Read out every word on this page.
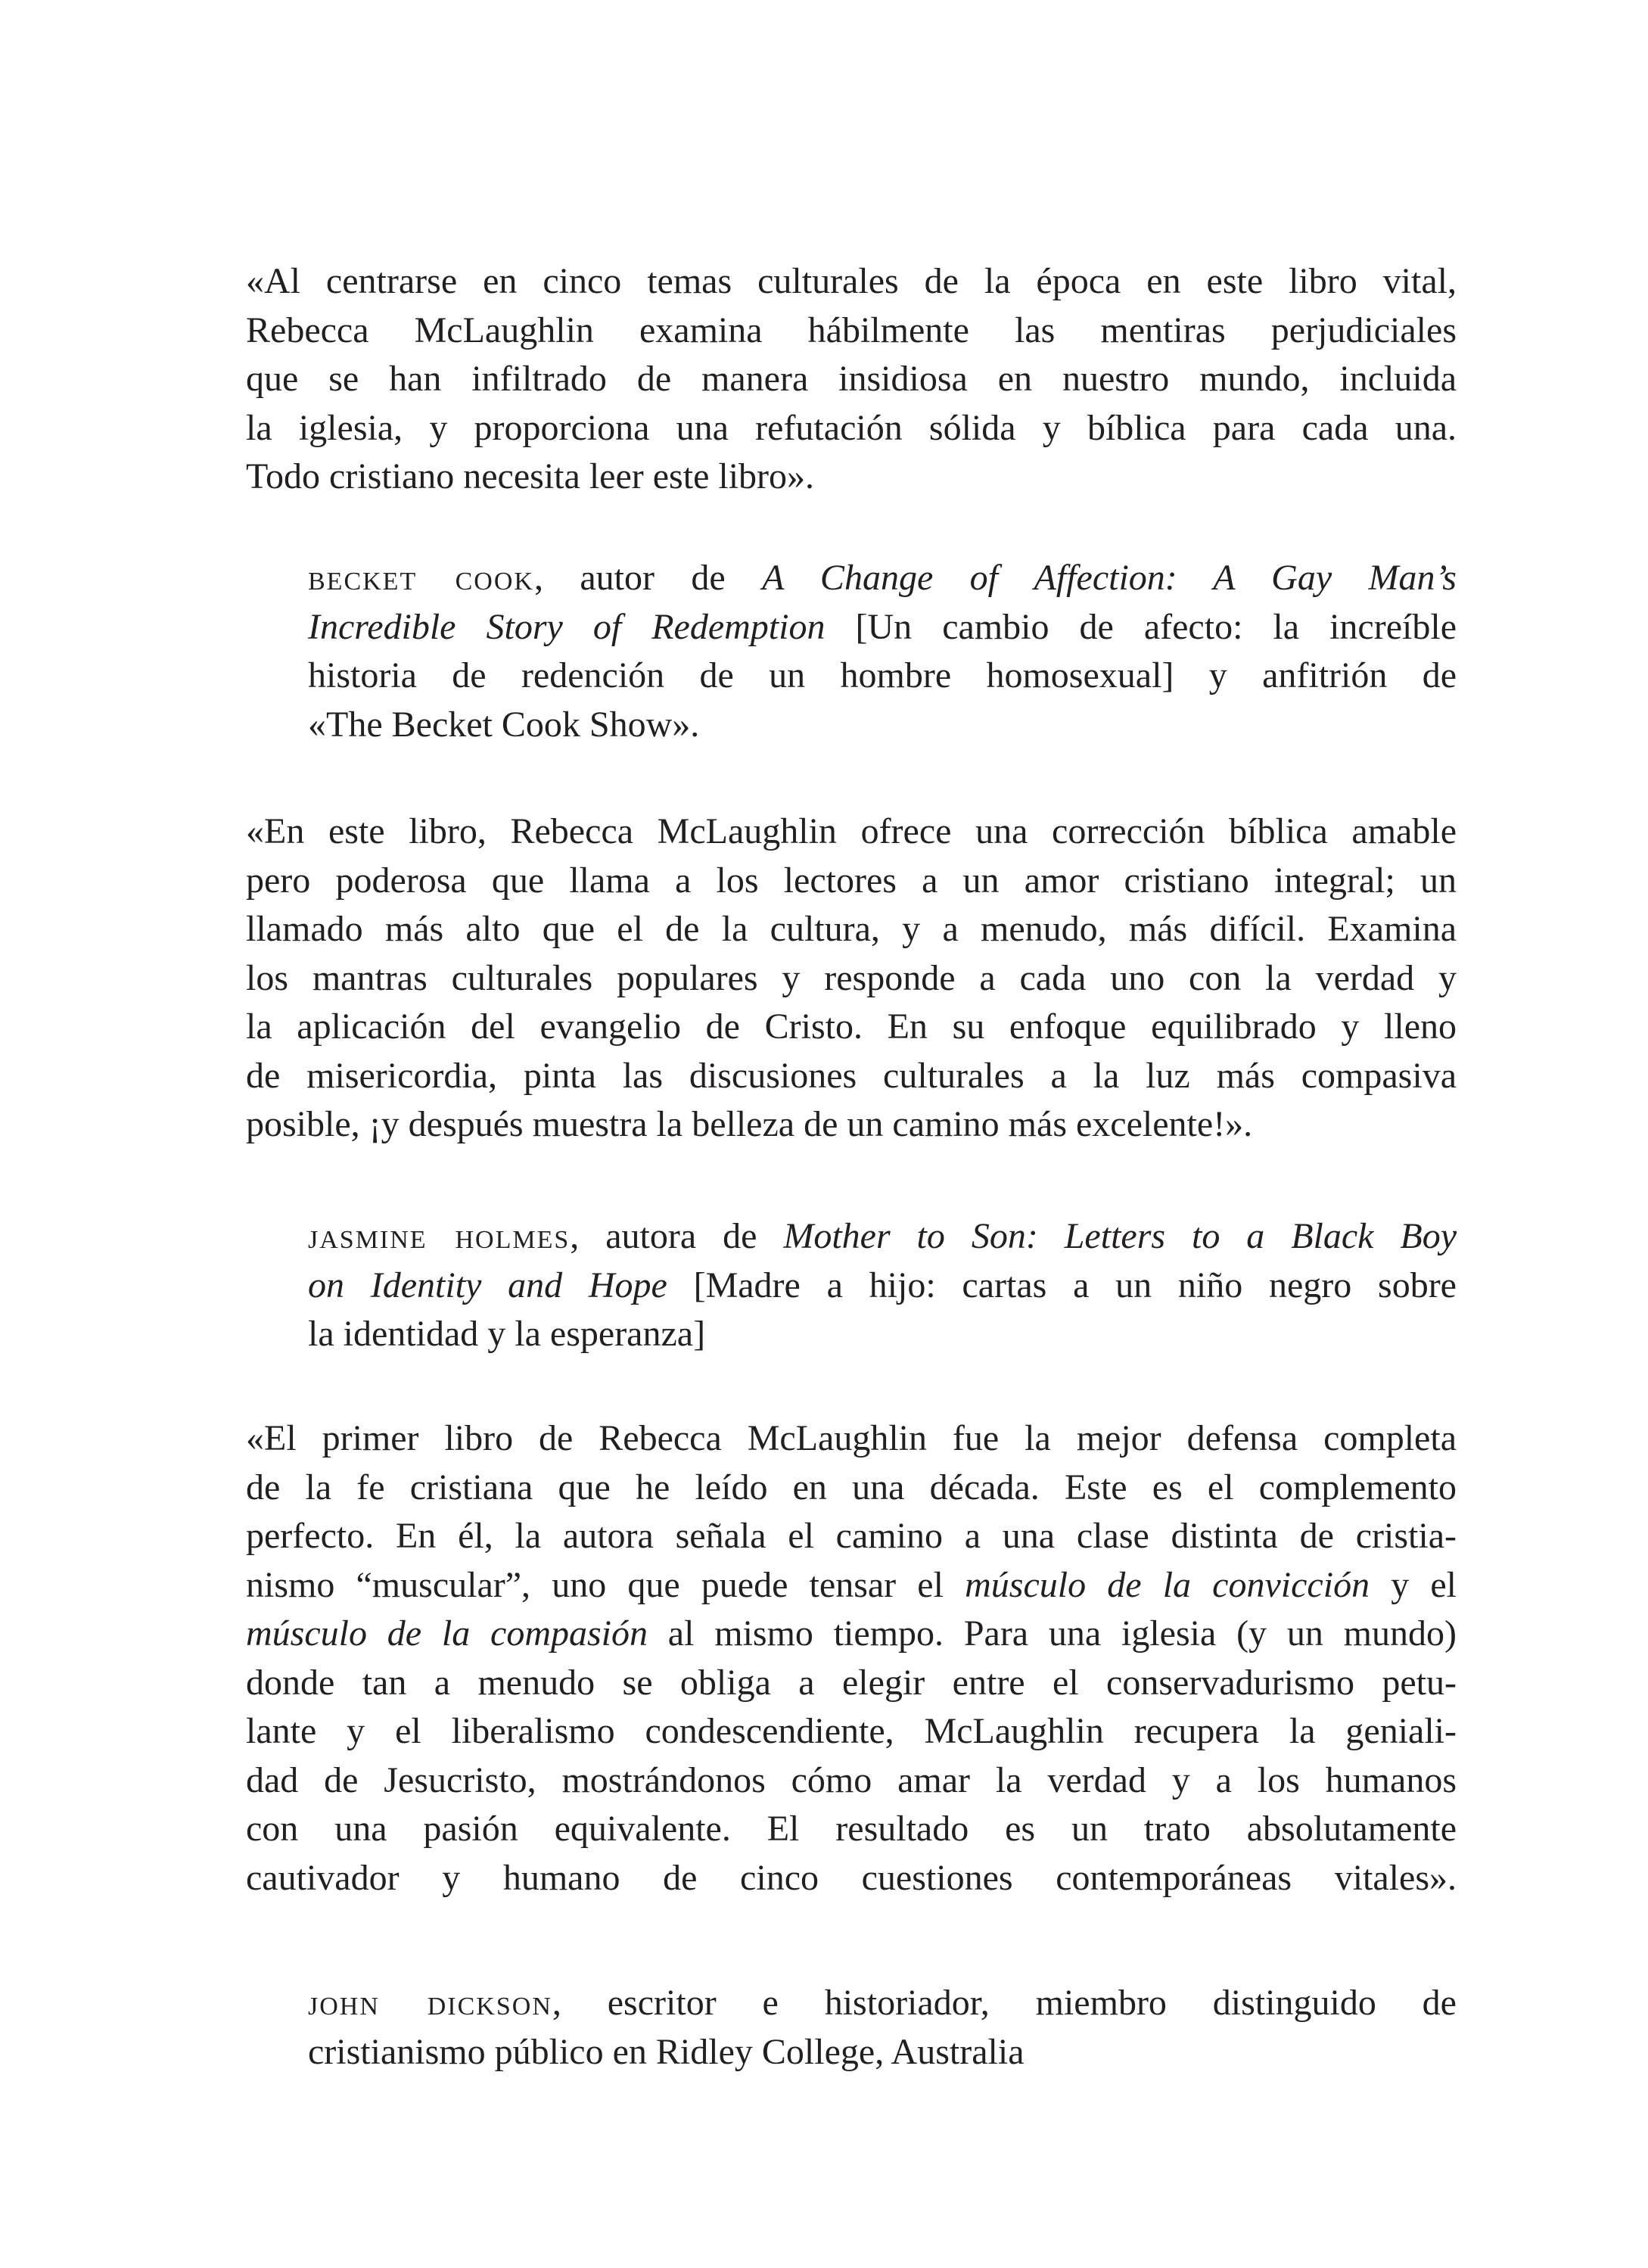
«Al centrarse en cinco temas culturales de la época en este libro vital,
Rebecca McLaughlin examina hábilmente las mentiras perjudiciales
que se han infiltrado de manera insidiosa en nuestro mundo, incluida
la iglesia, y proporciona una refutación sólida y bíblica para cada una.
Todo cristiano necesita leer este libro».
becket cook, autor de A Change of Affection: A Gay Man’s
Incredible Story of Redemption [Un cambio de afecto: la increíble
historia de redención de un hombre homosexual] y anfitrión de
«The Becket Cook Show».
«En este libro, Rebecca McLaughlin ofrece una corrección bíblica amable
pero poderosa que llama a los lectores a un amor cristiano integral; un
llamado más alto que el de la cultura, y a menudo, más difícil. Examina
los mantras culturales populares y responde a cada uno con la verdad y
la aplicación del evangelio de Cristo. En su enfoque equilibrado y lleno
de misericordia, pinta las discusiones culturales a la luz más compasiva
posible, ¡y después muestra la belleza de un camino más excelente!».
jasmine holmes, autora de Mother to Son: Letters to a Black Boy
on Identity and Hope [Madre a hijo: cartas a un niño negro sobre
la identidad y la esperanza]
«El primer libro de Rebecca McLaughlin fue la mejor defensa completa
de la fe cristiana que he leído en una década. Este es el complemento
perfecto. En él, la autora señala el camino a una clase distinta de cristia-
nismo “muscular”, uno que puede tensar el músculo de la convicción y el
músculo de la compasión al mismo tiempo. Para una iglesia (y un mundo)
donde tan a menudo se obliga a elegir entre el conservadurismo petu-
lante y el liberalismo condescendiente, McLaughlin recupera la geniali-
dad de Jesucristo, mostrándonos cómo amar la verdad y a los humanos
con una pasión equivalente. El resultado es un trato absolutamente
cautivador y humano de cinco cuestiones contemporáneas vitales».
john dickson, escritor e historiador, miembro distinguido de
cristianismo público en Ridley College, Australia
